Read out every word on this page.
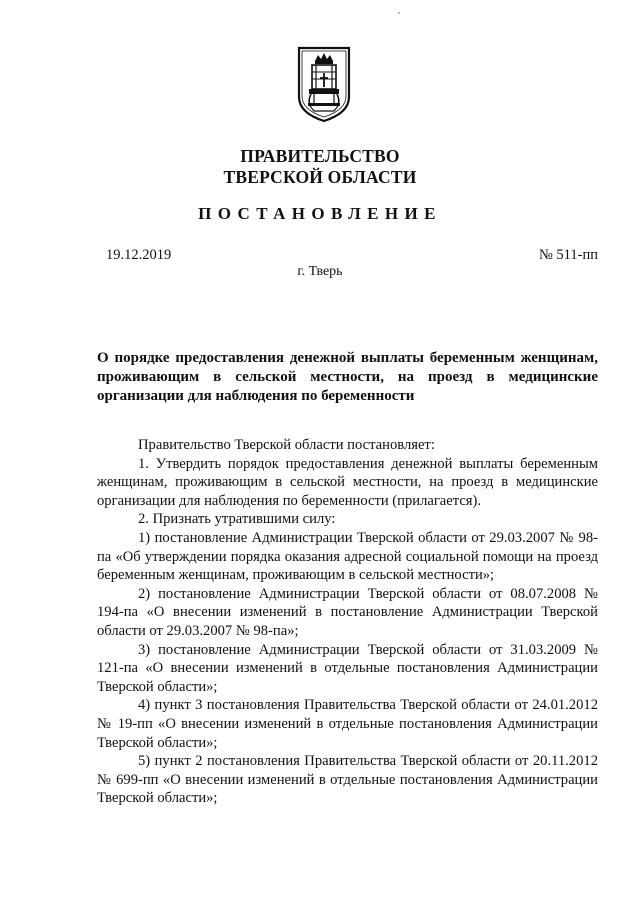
ПРАВИТЕЛЬСТВО
ТВЕРСКОЙ ОБЛАСТИ
ПОСТАНОВЛЕНИЕ
19.12.2019	№ 511-пп
г. Тверь
О порядке предоставления денежной выплаты беременным женщинам, проживающим в сельской местности, на проезд в медицинские организации для наблюдения по беременности

Правительство Тверской области постановляет:

1. Утвердить порядок предоставления денежной выплаты беременным женщинам, проживающим в сельской местности, на проезд в медицинские организации для наблюдения по беременности (прилагается).

2. Признать утратившими силу:

1) постановление Администрации Тверской области от 29.03.2007 № 98-па «Об утверждении порядка оказания адресной социальной помощи на проезд беременным женщинам, проживающим в сельской местности»;

2) постановление Администрации Тверской области от 08.07.2008 № 194-па «О внесении изменений в постановление Администрации Тверской области от 29.03.2007 № 98-па»;

3) постановление Администрации Тверской области от 31.03.2009 № 121-па «О внесении изменений в отдельные постановления Администрации Тверской области»;

4) пункт 3 постановления Правительства Тверской области от 24.01.2012 № 19-пп «О внесении изменений в отдельные постановления Администрации Тверской области»;

5) пункт 2 постановления Правительства Тверской области от 20.11.2012 № 699-пп «О внесении изменений в отдельные постановления Администрации Тверской области»;
